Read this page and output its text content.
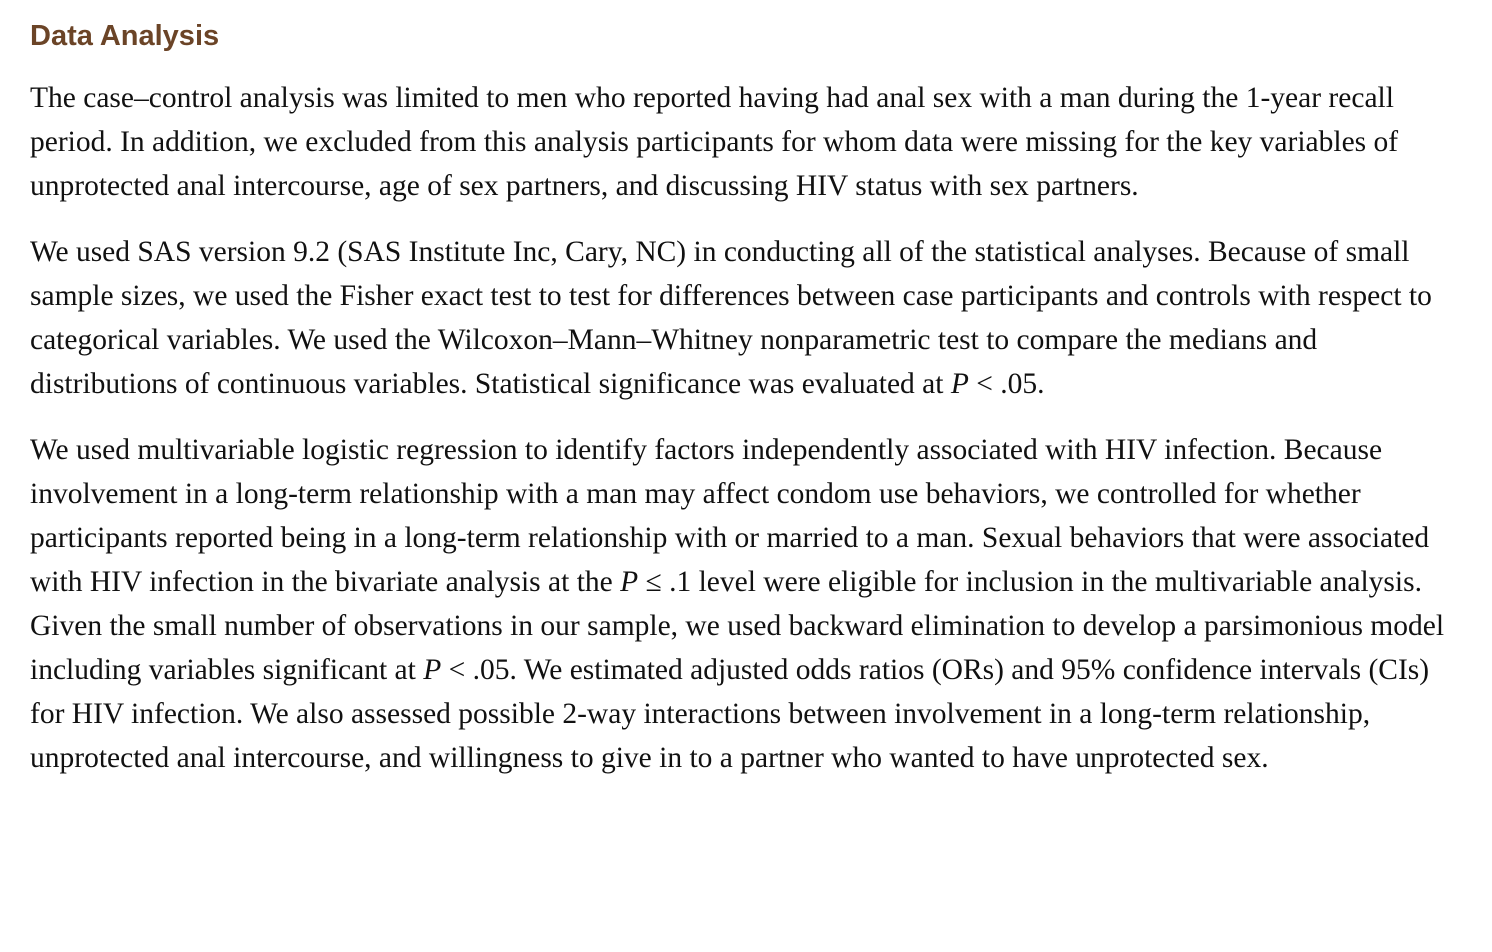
Data Analysis

The case–control analysis was limited to men who reported having had anal sex with a man during the 1-year recall period. In addition, we excluded from this analysis participants for whom data were missing for the key variables of unprotected anal intercourse, age of sex partners, and discussing HIV status with sex partners.

We used SAS version 9.2 (SAS Institute Inc, Cary, NC) in conducting all of the statistical analyses. Because of small sample sizes, we used the Fisher exact test to test for differences between case participants and controls with respect to categorical variables. We used the Wilcoxon–Mann–Whitney nonparametric test to compare the medians and distributions of continuous variables. Statistical significance was evaluated at P < .05.

We used multivariable logistic regression to identify factors independently associated with HIV infection. Because involvement in a long-term relationship with a man may affect condom use behaviors, we controlled for whether participants reported being in a long-term relationship with or married to a man. Sexual behaviors that were associated with HIV infection in the bivariate analysis at the P ≤ .1 level were eligible for inclusion in the multivariable analysis. Given the small number of observations in our sample, we used backward elimination to develop a parsimonious model including variables significant at P < .05. We estimated adjusted odds ratios (ORs) and 95% confidence intervals (CIs) for HIV infection. We also assessed possible 2-way interactions between involvement in a long-term relationship, unprotected anal intercourse, and willingness to give in to a partner who wanted to have unprotected sex.
